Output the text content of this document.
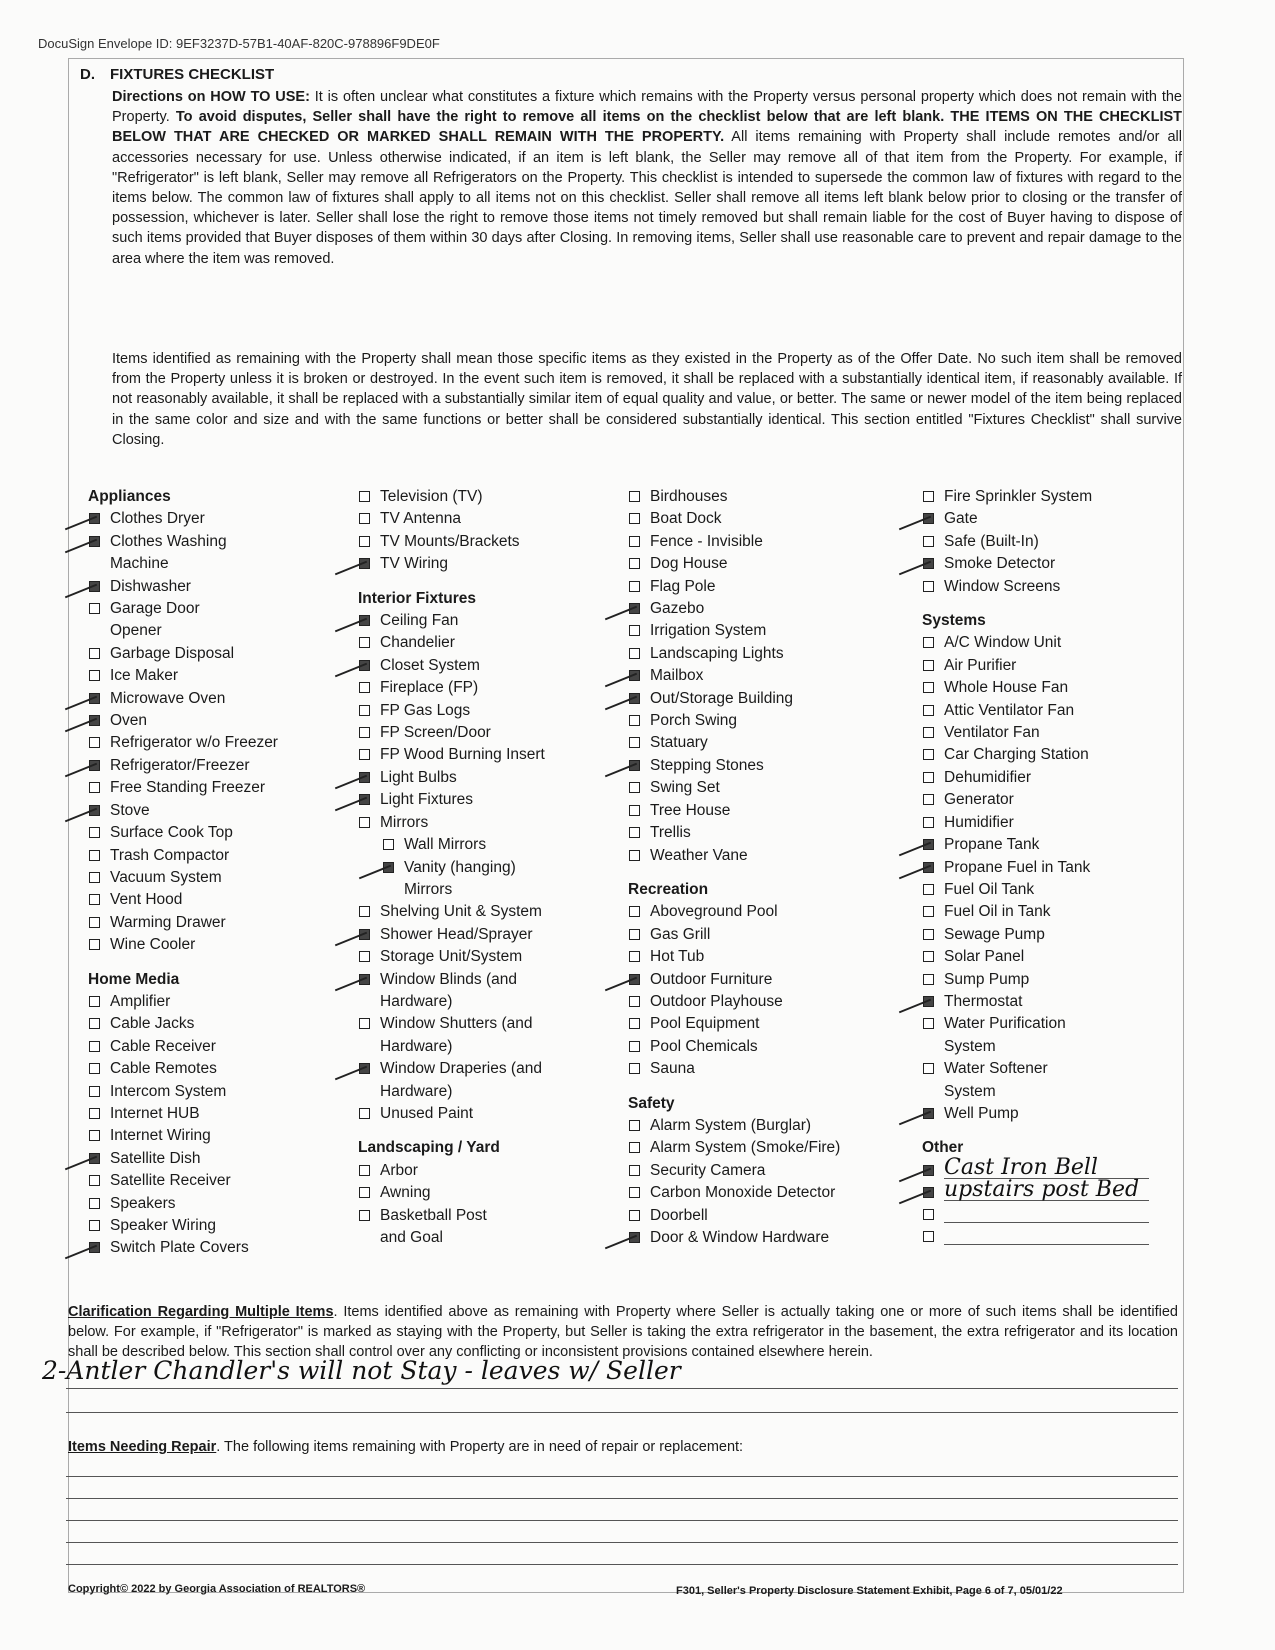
DocuSign Envelope ID: 9EF3237D-57B1-40AF-820C-978896F9DE0F
D. FIXTURES CHECKLIST
Directions on HOW TO USE: It is often unclear what constitutes a fixture which remains with the Property versus personal property which does not remain with the Property. To avoid disputes, Seller shall have the right to remove all items on the checklist below that are left blank. THE ITEMS ON THE CHECKLIST BELOW THAT ARE CHECKED OR MARKED SHALL REMAIN WITH THE PROPERTY. All items remaining with Property shall include remotes and/or all accessories necessary for use. Unless otherwise indicated, if an item is left blank, the Seller may remove all of that item from the Property. For example, if "Refrigerator" is left blank, Seller may remove all Refrigerators on the Property. This checklist is intended to supersede the common law of fixtures with regard to the items below. The common law of fixtures shall apply to all items not on this checklist. Seller shall remove all items left blank below prior to closing or the transfer of possession, whichever is later. Seller shall lose the right to remove those items not timely removed but shall remain liable for the cost of Buyer having to dispose of such items provided that Buyer disposes of them within 30 days after Closing. In removing items, Seller shall use reasonable care to prevent and repair damage to the area where the item was removed.
Items identified as remaining with the Property shall mean those specific items as they existed in the Property as of the Offer Date. No such item shall be removed from the Property unless it is broken or destroyed. In the event such item is removed, it shall be replaced with a substantially identical item, if reasonably available. If not reasonably available, it shall be replaced with a substantially similar item of equal quality and value, or better. The same or newer model of the item being replaced in the same color and size and with the same functions or better shall be considered substantially identical. This section entitled "Fixtures Checklist" shall survive Closing.
Appliances
Clothes Dryer
Clothes Washing
Machine
Dishwasher
Garage Door
Opener
Garbage Disposal
Ice Maker
Microwave Oven
Oven
Refrigerator w/o Freezer
Refrigerator/Freezer
Free Standing Freezer
Stove
Surface Cook Top
Trash Compactor
Vacuum System
Vent Hood
Warming Drawer
Wine Cooler
Home Media
Amplifier
Cable Jacks
Cable Receiver
Cable Remotes
Intercom System
Internet HUB
Internet Wiring
Satellite Dish
Satellite Receiver
Speakers
Speaker Wiring
Switch Plate Covers
Television (TV)
TV Antenna
TV Mounts/Brackets
TV Wiring
Interior Fixtures
Ceiling Fan
Chandelier
Closet System
Fireplace (FP)
FP Gas Logs
FP Screen/Door
FP Wood Burning Insert
Light Bulbs
Light Fixtures
Mirrors
Wall Mirrors
Vanity (hanging)
Mirrors
Shelving Unit & System
Shower Head/Sprayer
Storage Unit/System
Window Blinds (and
Hardware)
Window Shutters (and
Hardware)
Window Draperies (and
Hardware)
Unused Paint
Landscaping / Yard
Arbor
Awning
Basketball Post
and Goal
Birdhouses
Boat Dock
Fence - Invisible
Dog House
Flag Pole
Gazebo
Irrigation System
Landscaping Lights
Mailbox
Out/Storage Building
Porch Swing
Statuary
Stepping Stones
Swing Set
Tree House
Trellis
Weather Vane
Recreation
Aboveground Pool
Gas Grill
Hot Tub
Outdoor Furniture
Outdoor Playhouse
Pool Equipment
Pool Chemicals
Sauna
Safety
Alarm System (Burglar)
Alarm System (Smoke/Fire)
Security Camera
Carbon Monoxide Detector
Doorbell
Door & Window Hardware
Fire Sprinkler System
Gate
Safe (Built-In)
Smoke Detector
Window Screens
Systems
A/C Window Unit
Air Purifier
Whole House Fan
Attic Ventilator Fan
Ventilator Fan
Car Charging Station
Dehumidifier
Generator
Humidifier
Propane Tank
Propane Fuel in Tank
Fuel Oil Tank
Fuel Oil in Tank
Sewage Pump
Solar Panel
Sump Pump
Thermostat
Water Purification
System
Water Softener
System
Well Pump
Other
Cast Iron Bell
upstairs post Bed
Clarification Regarding Multiple Items. Items identified above as remaining with Property where Seller is actually taking one or more of such items shall be identified below. For example, if "Refrigerator" is marked as staying with the Property, but Seller is taking the extra refrigerator in the basement, the extra refrigerator and its location shall be described below. This section shall control over any conflicting or inconsistent provisions contained elsewhere herein.
2-Antler Chandler's will not Stay - leaves w/ Seller
Items Needing Repair. The following items remaining with Property are in need of repair or replacement:
Copyright© 2022 by Georgia Association of REALTORS®	F301, Seller's Property Disclosure Statement Exhibit, Page 6 of 7, 05/01/22
